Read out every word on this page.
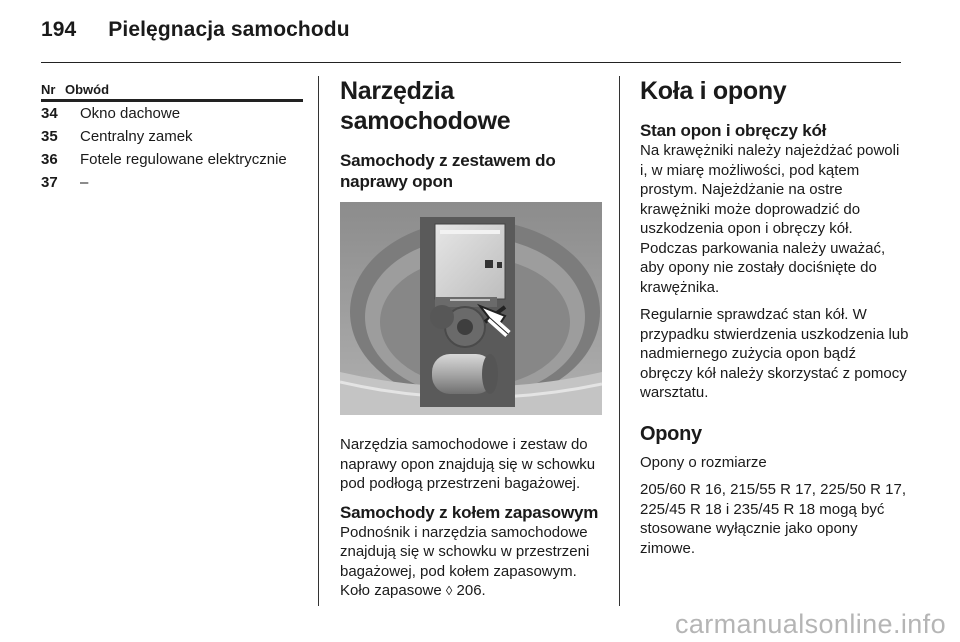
194 Pielęgnacja samochodu
Nr Obwód
34	Okno dachowe
35	Centralny zamek
36	Fotele regulowane elektrycznie
37	–
Narzędzia samochodowe
Samochody z zestawem do naprawy opon

Narzędzia samochodowe i zestaw do naprawy opon znajdują się w schowku pod podłogą przestrzeni bagażowej.

Samochody z kołem zapasowym

Podnośnik i narzędzia samochodowe znajdują się w schowku w przestrzeni bagażowej, pod kołem zapasowym. Koło zapasowe ◊ 206.

Koła i opony
Stan opon i obręczy kół

Na krawężniki należy najeżdżać powoli i, w miarę możliwości, pod kątem prostym. Najeżdżanie na ostre krawężniki może doprowadzić do uszkodzenia opon i obręczy kół. Podczas parkowania należy uważać, aby opony nie zostały dociśnięte do krawężnika.

Regularnie sprawdzać stan kół. W przypadku stwierdzenia uszkodzenia lub nadmiernego zużycia opon bądź obręczy kół należy skorzystać z pomocy warsztatu.

Opony

Opony o rozmiarze

205/60 R 16, 215/55 R 17, 225/50 R 17, 225/45 R 18 i 235/45 R 18 mogą być stosowane wyłącznie jako opony zimowe.

carmanualsonline.info
